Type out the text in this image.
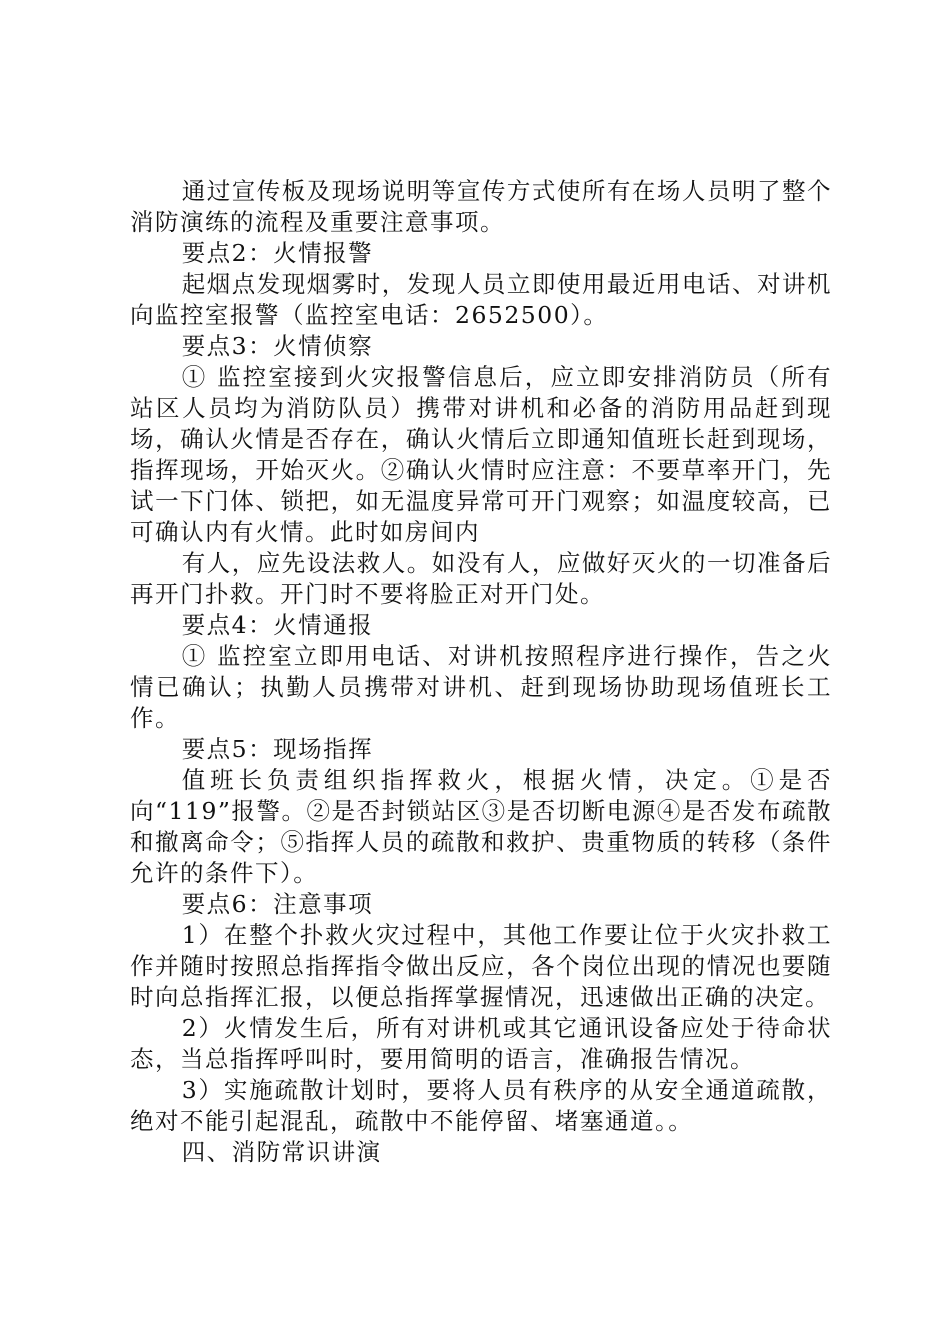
通过宣传板及现场说明等宣传方式使所有在场人员明了整个消防演练的流程及重要注意事项。

要点2：火情报警

起烟点发现烟雾时，发现人员立即使用最近用电话、对讲机向监控室报警（监控室电话：2652500）。

要点3：火情侦察

① 监控室接到火灾报警信息后，应立即安排消防员（所有站区人员均为消防队员）携带对讲机和必备的消防用品赶到现场，确认火情是否存在，确认火情后立即通知值班长赶到现场，指挥现场，开始灭火。②确认火情时应注意：不要草率开门，先试一下门体、锁把，如无温度异常可开门观察；如温度较高，已可确认内有火情。此时如房间内

有人，应先设法救人。如没有人，应做好灭火的一切准备后再开门扑救。开门时不要将脸正对开门处。

要点4：火情通报

① 监控室立即用电话、对讲机按照程序进行操作，告之火情已确认；执勤人员携带对讲机、赶到现场协助现场值班长工作。

要点5：现场指挥

值班长负责组织指挥救火，根据火情，决定。①是否向“119”报警。②是否封锁站区③是否切断电源④是否发布疏散和撤离命令；⑤指挥人员的疏散和救护、贵重物质的转移（条件允许的条件下）。

要点6：注意事项

1）在整个扑救火灾过程中，其他工作要让位于火灾扑救工作并随时按照总指挥指令做出反应，各个岗位出现的情况也要随时向总指挥汇报，以便总指挥掌握情况，迅速做出正确的决定。

2）火情发生后，所有对讲机或其它通讯设备应处于待命状态，当总指挥呼叫时，要用简明的语言，准确报告情况。

3）实施疏散计划时，要将人员有秩序的从安全通道疏散，绝对不能引起混乱，疏散中不能停留、堵塞通道。。

四、消防常识讲演
